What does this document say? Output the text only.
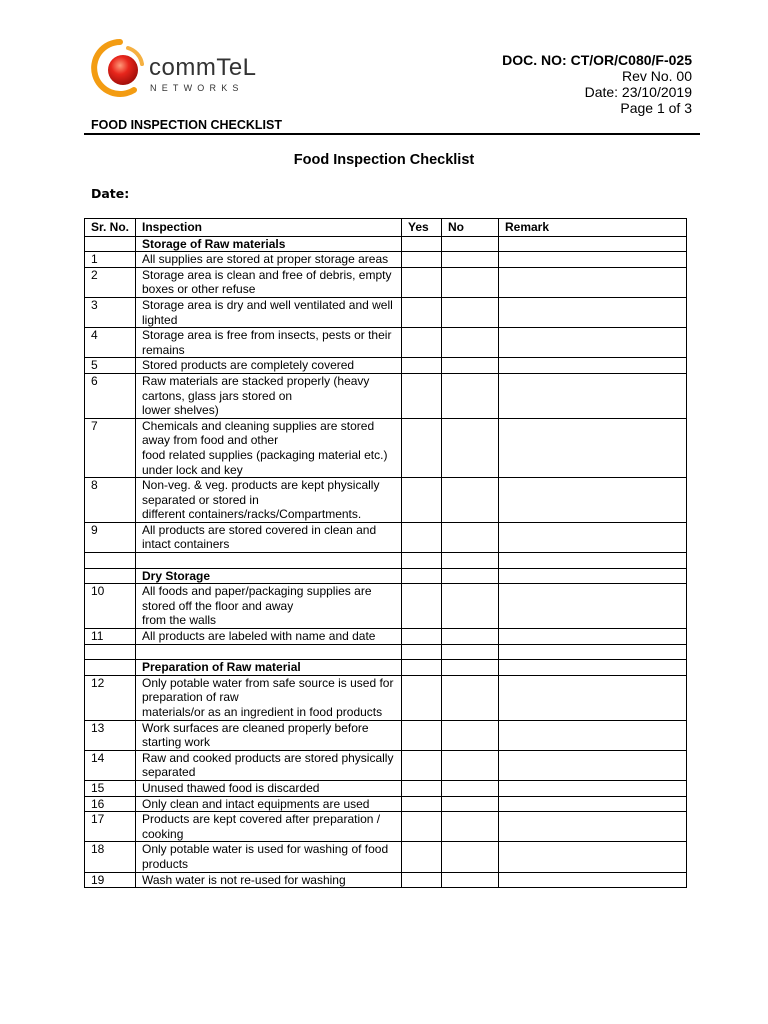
commTeL
NETWORKS
DOC. NO: CT/OR/C080/F-025
Rev No. 00
Date: 23/10/2019
Page 1 of 3
FOOD INSPECTION CHECKLIST
Food Inspection Checklist
Date:
Sr. No.	Inspection	Yes	No	Remark
	Storage of Raw materials			
1	All supplies are stored at proper storage areas			
2	Storage area is clean and free of debris, empty boxes or other refuse			
3	Storage area is dry and well ventilated and well lighted			
4	Storage area is free from insects, pests or their remains			
5	Stored products are completely covered			
6	Raw materials are stacked properly (heavy cartons, glass jars stored on
lower shelves)			
7	Chemicals and cleaning supplies are stored away from food and other
food related supplies (packaging material etc.) under lock and key			
8	Non-veg. & veg. products are kept physically separated or stored in
different containers/racks/Compartments.			
9	All products are stored covered in clean and intact containers			

	Dry Storage			
10	All foods and paper/packaging supplies are stored off the floor and away
from the walls			
11	All products are labeled with name and date			

	Preparation of Raw material			
12	Only potable water from safe source is used for preparation of raw
materials/or as an ingredient in food products			
13	Work surfaces are cleaned properly before starting work			
14	Raw and cooked products are stored physically separated			
15	Unused thawed food is discarded			
16	Only clean and intact equipments are used			
17	Products are kept covered after preparation / cooking			
18	Only potable water is used for washing of food products			
19	Wash water is not re-used for washing			
